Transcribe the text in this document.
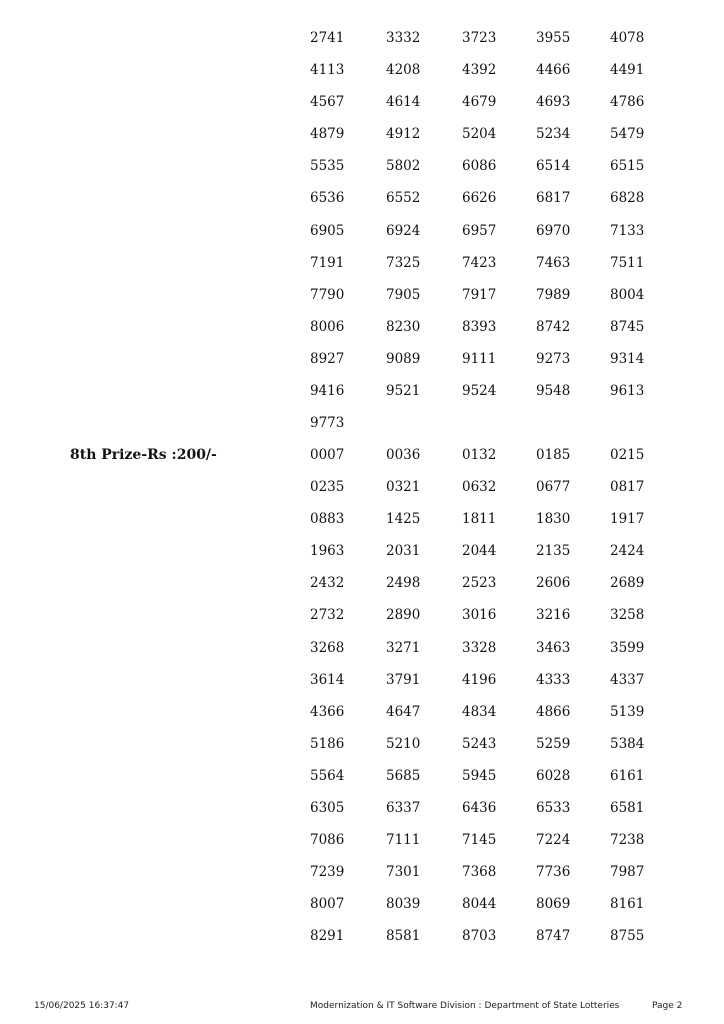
2741	3332	3723	3955	4078
4113	4208	4392	4466	4491
4567	4614	4679	4693	4786
4879	4912	5204	5234	5479
5535	5802	6086	6514	6515
6536	6552	6626	6817	6828
6905	6924	6957	6970	7133
7191	7325	7423	7463	7511
7790	7905	7917	7989	8004
8006	8230	8393	8742	8745
8927	9089	9111	9273	9314
9416	9521	9524	9548	9613
9773
8th Prize-Rs :200/-	0007	0036	0132	0185	0215
0235	0321	0632	0677	0817
0883	1425	1811	1830	1917
1963	2031	2044	2135	2424
2432	2498	2523	2606	2689
2732	2890	3016	3216	3258
3268	3271	3328	3463	3599
3614	3791	4196	4333	4337
4366	4647	4834	4866	5139
5186	5210	5243	5259	5384
5564	5685	5945	6028	6161
6305	6337	6436	6533	6581
7086	7111	7145	7224	7238
7239	7301	7368	7736	7987
8007	8039	8044	8069	8161
8291	8581	8703	8747	8755
15/06/2025 16:37:47	Modernization & IT Software Division : Department of State Lotteries	Page 2
